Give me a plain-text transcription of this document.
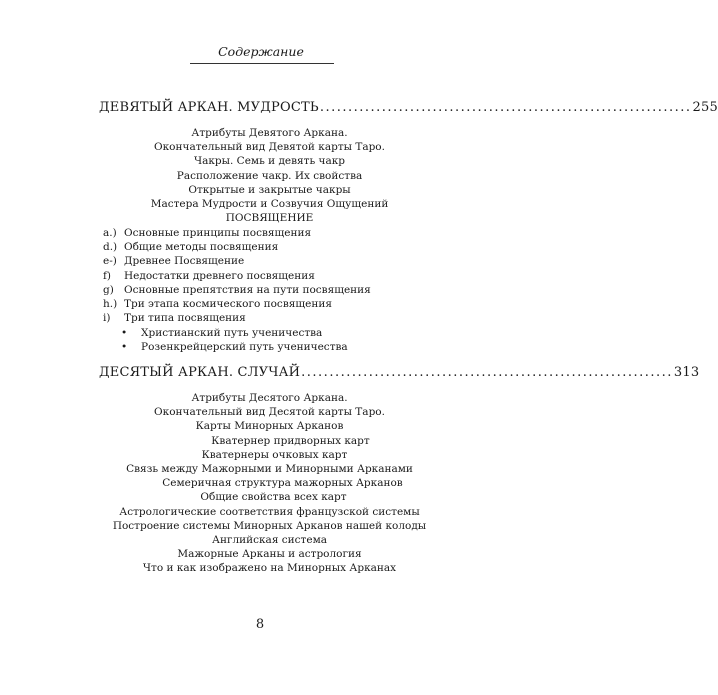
Содержание
ДЕВЯТЫЙ АРКАН. МУДРОСТЬ .................................................................. 255
Атрибуты Девятого Аркана.
Окончательный вид Девятой карты Таро.
Чакры. Семь и девять чакр
Расположение чакр. Их свойства
Открытые и закрытые чакры
Мастера Мудрости и Созвучия Ощущений
ПОСВЯЩЕНИЕ
a.) Основные принципы посвящения
d.) Общие методы посвящения
e-) Древнее Посвящение
f)	Недостатки древнего посвящения
g) Основные препятствия на пути посвящения
h.) Три этапа космического посвящения
i)	Три типа посвящения
•	Христианский путь ученичества
•	Розенкрейцерский путь ученичества
ДЕСЯТЫЙ АРКАН. СЛУЧАЙ .................................................................. 313
Атрибуты Десятого Аркана.
Окончательный вид Десятой карты Таро.
Карты Минорных Арканов
Кватернер придворных карт
Кватернеры очковых карт
Связь между Мажорными и Минорными Арканами
Семеричная структура мажорных Арканов
Общие свойства всех карт
Астрологические соответствия французской системы
Построение системы Минорных Арканов нашей колоды
Английская система
Мажорные Арканы и астрология
Что и как изображено на Минорных Арканах
8
